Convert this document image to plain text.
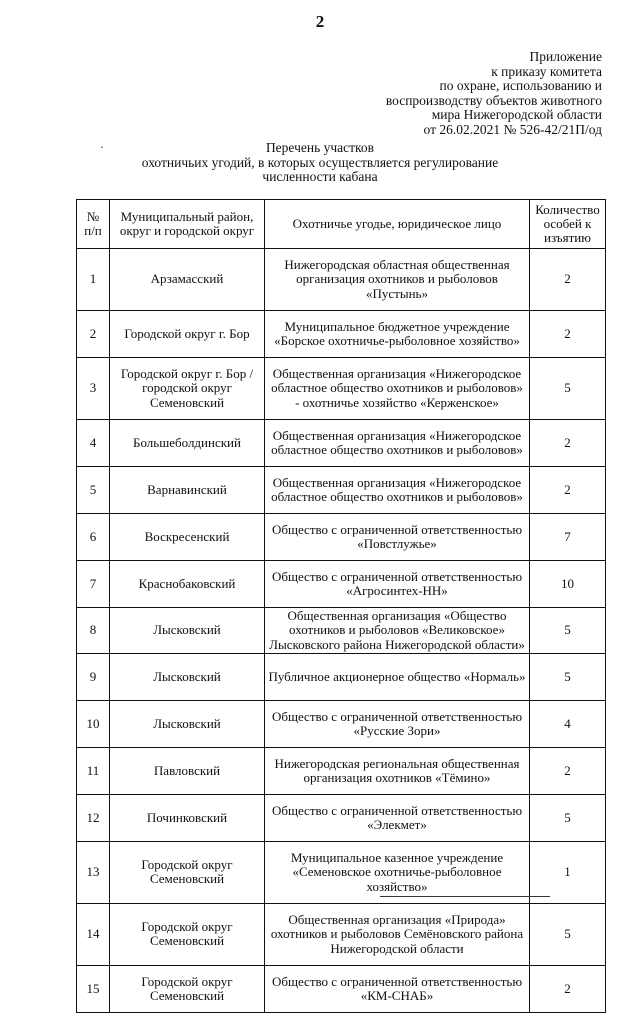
2
Приложение
к приказу комитета
по охране, использованию и
воспроизводству объектов животного
мира Нижегородской области
от 26.02.2021 № 526-42/21П/од
·	Перечень участков
охотничьих угодий, в которых осуществляется регулирование
численности кабана
№ п/п	Муниципальный район, округ и городской округ	Охотничье угодье, юридическое лицо	Количество особей к изъятию
1	Арзамасский	Нижегородская областная общественная организация охотников и рыболовов «Пустынь»	2
2	Городской округ г. Бор	Муниципальное бюджетное учреждение «Борское охотничье-рыболовное хозяйство»	2
3	Городской округ г. Бор / городской округ Семеновский	Общественная организация «Нижегородское областное общество охотников и рыболовов» - охотничье хозяйство «Керженское»	5
4	Большеболдинский	Общественная организация «Нижегородское областное общество охотников и рыболовов»	2
5	Варнавинский	Общественная организация «Нижегородское областное общество охотников и рыболовов»	2
6	Воскресенский	Общество с ограниченной ответственностью «Повстлужье»	7
7	Краснобаковский	Общество с ограниченной ответственностью «Агросинтех-НН»	10
8	Лысковский	Общественная организация «Общество охотников и рыболовов «Великовское» Лысковского района Нижегородской области»	5
9	Лысковский	Публичное акционерное общество «Нормаль»	5
10	Лысковский	Общество с ограниченной ответственностью «Русские Зори»	4
11	Павловский	Нижегородская региональная общественная организация охотников «Тёмино»	2
12	Починковский	Общество с ограниченной ответственностью «Элекмет»	5
13	Городской округ Семеновский	Муниципальное казенное учреждение «Семеновское охотничье-рыболовное хозяйство»	1
14	Городской округ Семеновский	Общественная организация «Природа» охотников и рыболовов Семёновского района Нижегородской области	5
15	Городской округ Семеновский	Общество с ограниченной ответственностью «КМ-СНАБ»	2
